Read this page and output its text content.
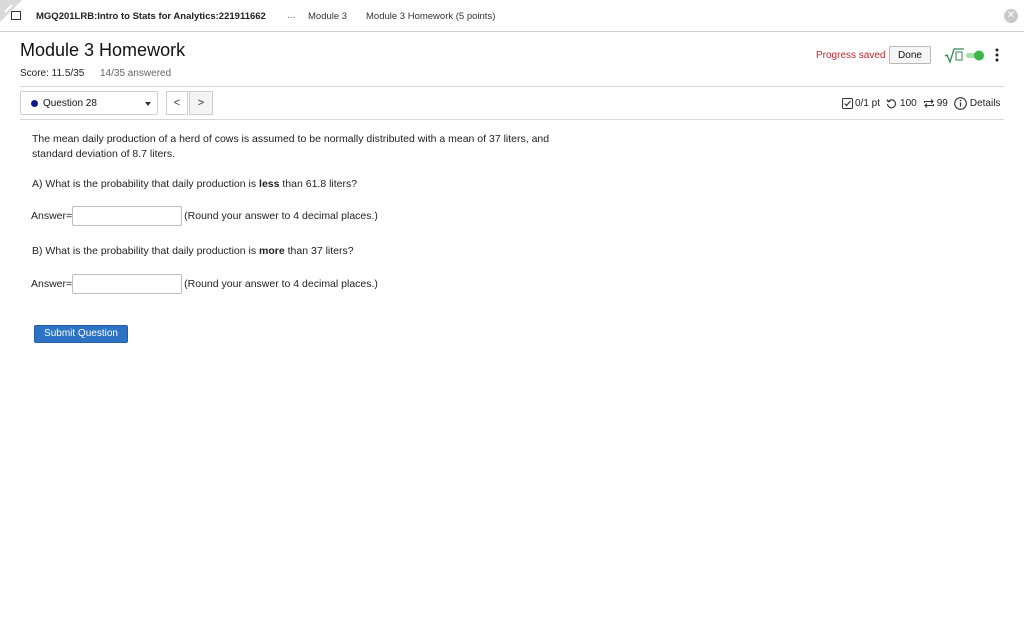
MGQ201LRB:Intro to Stats for Analytics:221911662 ... Module 3 Module 3 Homework (5 points)	✕
Module 3 Homework
Score: 11.5/35 14/35 answered
Progress saved	Done
Question 28	<	>	0/1 pt 100 99 Details
The mean daily production of a herd of cows is assumed to be normally distributed with a mean of 37 liters, and standard deviation of 8.7 liters.
A) What is the probability that daily production is less than 61.8 liters?
Answer=	(Round your answer to 4 decimal places.)
B) What is the probability that daily production is more than 37 liters?
Answer=	(Round your answer to 4 decimal places.)
Submit Question
